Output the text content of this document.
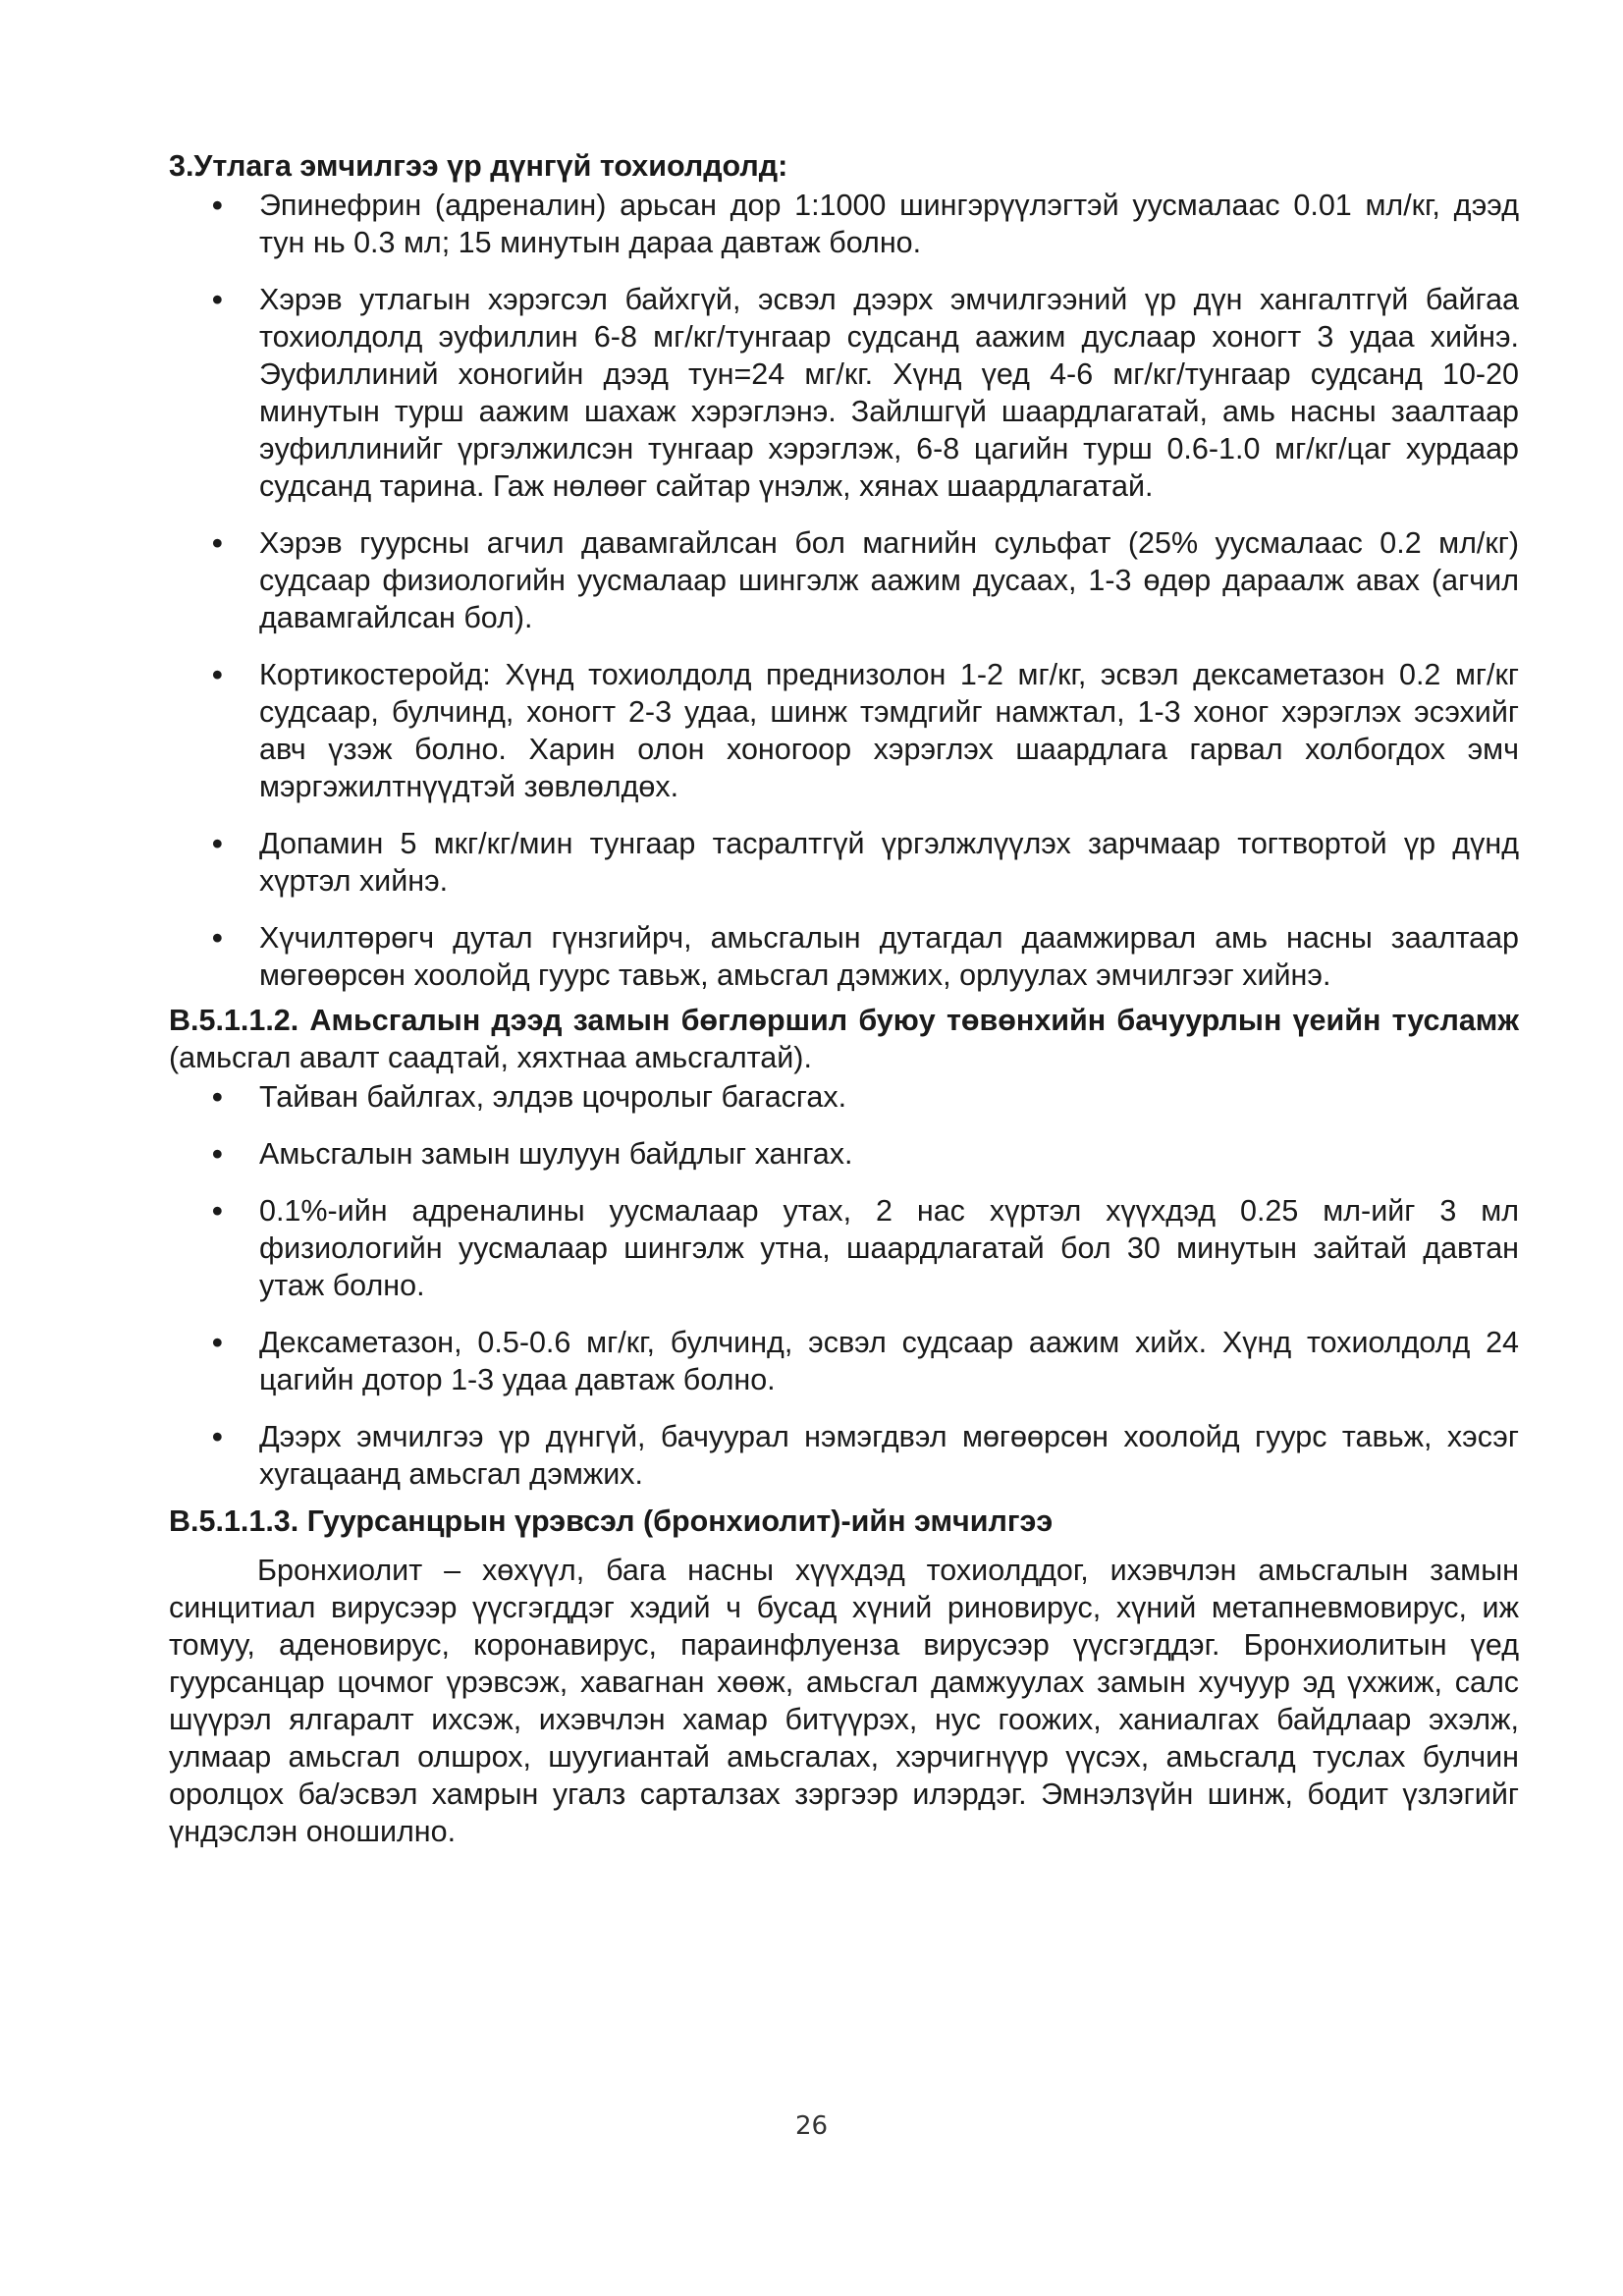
3.Утлага эмчилгээ үр дүнгүй тохиолдолд:

• Эпинефрин (адреналин) арьсан дор 1:1000 шингэрүүлэгтэй уусмалаас 0.01 мл/кг, дээд тун нь 0.3 мл; 15 минутын дараа давтаж болно.
• Хэрэв утлагын хэрэгсэл байхгүй, эсвэл дээрх эмчилгээний үр дүн хангалтгүй байгаа тохиолдолд эуфиллин 6-8 мг/кг/тунгаар судсанд аажим дуслаар хоногт 3 удаа хийнэ. Эуфиллиний хоногийн дээд тун=24 мг/кг. Хүнд үед 4-6 мг/кг/тунгаар судсанд 10-20 минутын турш аажим шахаж хэрэглэнэ. Зайлшгүй шаардлагатай, амь насны заалтаар эуфиллинийг үргэлжилсэн тунгаар хэрэглэж, 6-8 цагийн турш 0.6-1.0 мг/кг/цаг хурдаар судсанд тарина. Гаж нөлөөг сайтар үнэлж, хянах шаардлагатай.
• Хэрэв гуурсны агчил давамгайлсан бол магнийн сульфат (25% уусмалаас 0.2 мл/кг) судсаар физиологийн уусмалаар шингэлж аажим дусаах, 1-3 өдөр дараалж авах (агчил давамгайлсан бол).
• Кортикостеройд: Хүнд тохиолдолд преднизолон 1-2 мг/кг, эсвэл дексаметазон 0.2 мг/кг судсаар, булчинд, хоногт 2-3 удаа, шинж тэмдгийг намжтал, 1-3 хоног хэрэглэх эсэхийг авч үзэж болно. Харин олон хоногоор хэрэглэх шаардлага гарвал холбогдох эмч мэргэжилтнүүдтэй зөвлөлдөх.
• Допамин 5 мкг/кг/мин тунгаар тасралтгүй үргэлжлүүлэх зарчмаар тогтвортой үр дүнд хүртэл хийнэ.
• Хүчилтөрөгч дутал гүнзгийрч, амьсгалын дутагдал даамжирвал амь насны заалтаар мөгөөрсөн хоолойд гуурс тавьж, амьсгал дэмжих, орлуулах эмчилгээг хийнэ.

В.5.1.1.2. Амьсгалын дээд замын бөглөршил буюу төвөнхийн бачуурлын үеийн тусламж (амьсгал авалт саадтай, хяхтнаа амьсгалтай).

• Тайван байлгах, элдэв цочролыг багасгах.
• Амьсгалын замын шулуун байдлыг хангах.
• 0.1%-ийн адреналины уусмалаар утах, 2 нас хүртэл хүүхдэд 0.25 мл-ийг 3 мл физиологийн уусмалаар шингэлж утна, шаардлагатай бол 30 минутын зайтай давтан утаж болно.
• Дексаметазон, 0.5-0.6 мг/кг, булчинд, эсвэл судсаар аажим хийх. Хүнд тохиолдолд 24 цагийн дотор 1-3 удаа давтаж болно.
• Дээрх эмчилгээ үр дүнгүй, бачуурал нэмэгдвэл мөгөөрсөн хоолойд гуурс тавьж, хэсэг хугацаанд амьсгал дэмжих.

В.5.1.1.3. Гуурсанцрын үрэвсэл (бронхиолит)-ийн эмчилгээ

Бронхиолит – хөхүүл, бага насны хүүхдэд тохиолддог, ихэвчлэн амьсгалын замын синцитиал вирусээр үүсгэгддэг хэдий ч бусад хүний риновирус, хүний метапневмовирус, иж томуу, аденовирус, коронавирус, параинфлуенза вирусээр үүсгэгддэг. Бронхиолитын үед гуурсанцар цочмог үрэвсэж, хавагнан хөөж, амьсгал дамжуулах замын хучуур эд үхжиж, салс шүүрэл ялгаралт ихсэж, ихэвчлэн хамар битүүрэх, нус гоожих, ханиалгах байдлаар эхэлж, улмаар амьсгал олшрох, шуугиантай амьсгалах, хэрчигнүүр үүсэх, амьсгалд туслах булчин оролцох ба/эсвэл хамрын угалз сарталзах зэргээр илэрдэг. Эмнэлзүйн шинж, бодит үзлэгийг үндэслэн оношилно.

26
